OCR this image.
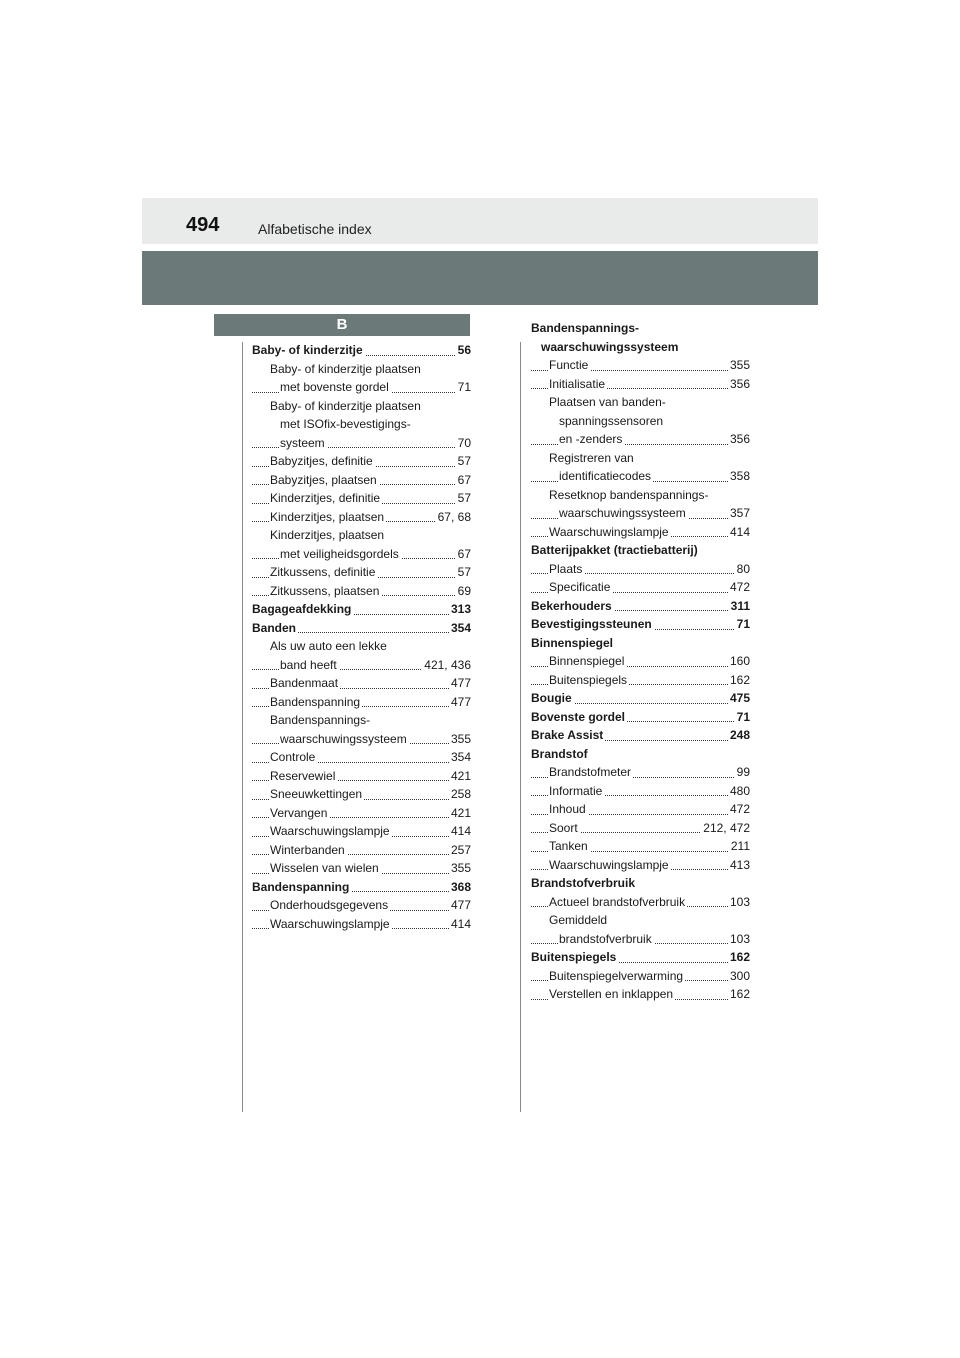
494	Alfabetische index
B
Baby- of kinderzitje	56
Baby- of kinderzitje plaatsen
met bovenste gordel	71
Baby- of kinderzitje plaatsen
met ISOfix-bevestigings-
systeem	70
Babyzitjes, definitie	57
Babyzitjes, plaatsen	67
Kinderzitjes, definitie	57
Kinderzitjes, plaatsen	67, 68
Kinderzitjes, plaatsen
met veiligheidsgordels	67
Zitkussens, definitie	57
Zitkussens, plaatsen	69
Bagageafdekking	313
Banden	354
Als uw auto een lekke
band heeft	421, 436
Bandenmaat	477
Bandenspanning	477
Bandenspannings-
waarschuwingssysteem	355
Controle	354
Reservewiel	421
Sneeuwkettingen	258
Vervangen	421
Waarschuwingslampje	414
Winterbanden	257
Wisselen van wielen	355
Bandenspanning	368
Onderhoudsgegevens	477
Waarschuwingslampje	414
Bandenspannings-
waarschuwingssysteem
Functie	355
Initialisatie	356
Plaatsen van banden-
spanningssensoren
en -zenders	356
Registreren van
identificatiecodes	358
Resetknop bandenspannings-
waarschuwingssysteem	357
Waarschuwingslampje	414
Batterijpakket (tractiebatterij)
Plaats	80
Specificatie	472
Bekerhouders	311
Bevestigingssteunen	71
Binnenspiegel
Binnenspiegel	160
Buitenspiegels	162
Bougie	475
Bovenste gordel	71
Brake Assist	248
Brandstof
Brandstofmeter	99
Informatie	480
Inhoud	472
Soort	212, 472
Tanken	211
Waarschuwingslampje	413
Brandstofverbruik
Actueel brandstofverbruik	103
Gemiddeld
brandstofverbruik	103
Buitenspiegels	162
Buitenspiegelverwarming	300
Verstellen en inklappen	162
